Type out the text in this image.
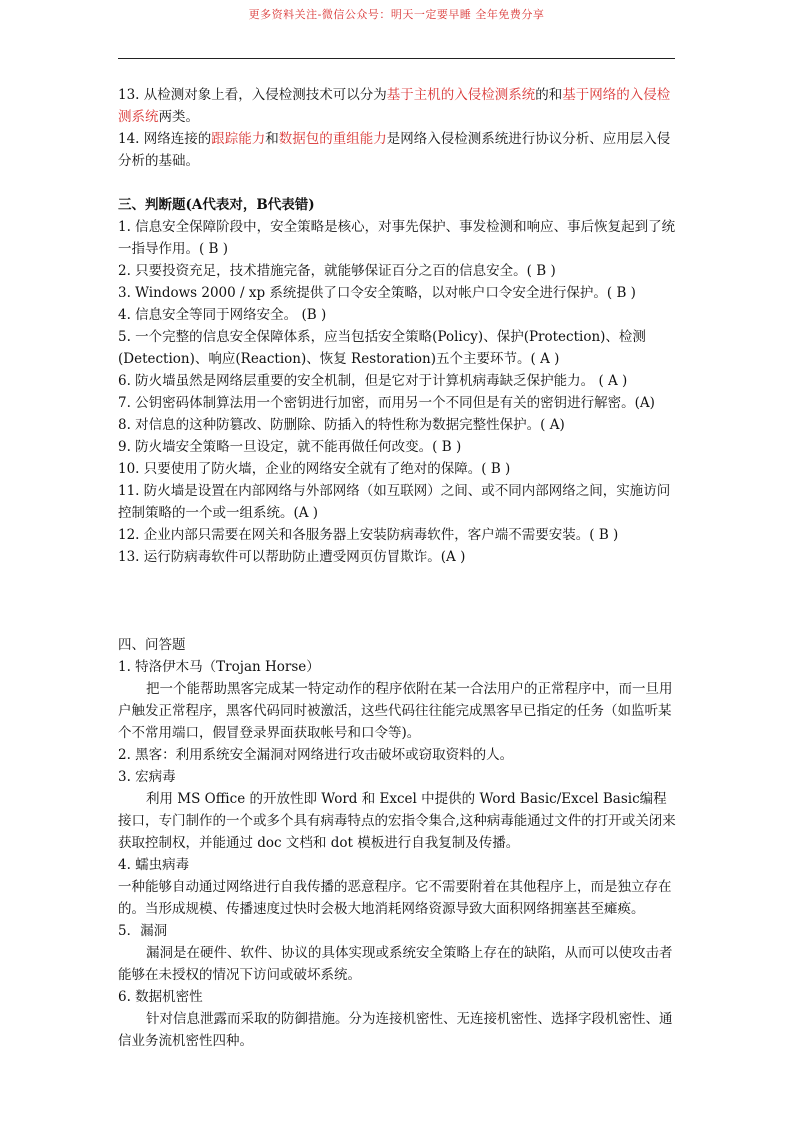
更多资料关注-微信公众号：明天一定要早睡 全年免费分享

13. 从检测对象上看，入侵检测技术可以分为基于主机的入侵检测系统的和基于网络的入侵检测系统两类。

14. 网络连接的跟踪能力和数据包的重组能力是网络入侵检测系统进行协议分析、应用层入侵分析的基础。

三、判断题(A代表对，B代表错)

1. 信息安全保障阶段中，安全策略是核心，对事先保护、事发检测和响应、事后恢复起到了统一指导作用。( B )

2. 只要投资充足，技术措施完备，就能够保证百分之百的信息安全。( B )

3. Windows 2000 / xp 系统提供了口令安全策略，以对帐户口令安全进行保护。( B )

4. 信息安全等同于网络安全。 (B )

5. 一个完整的信息安全保障体系，应当包括安全策略(Policy)、保护(Protection)、检测(Detection)、响应(Reaction)、恢复 Restoration)五个主要环节。( A )

6. 防火墙虽然是网络层重要的安全机制，但是它对于计算机病毒缺乏保护能力。 ( A )

7. 公钥密码体制算法用一个密钥进行加密，而用另一个不同但是有关的密钥进行解密。(A)

8. 对信息的这种防篡改、防删除、防插入的特性称为数据完整性保护。( A)

9. 防火墙安全策略一旦设定，就不能再做任何改变。( B )

10. 只要使用了防火墙，企业的网络安全就有了绝对的保障。( B )

11. 防火墙是设置在内部网络与外部网络（如互联网）之间、或不同内部网络之间，实施访问控制策略的一个或一组系统。(A )

12. 企业内部只需要在网关和各服务器上安装防病毒软件，客户端不需要安装。( B )

13. 运行防病毒软件可以帮助防止遭受网页仿冒欺诈。(A )

四、问答题

1. 特洛伊木马（Trojan Horse）

把一个能帮助黑客完成某一特定动作的程序依附在某一合法用户的正常程序中，而一旦用户触发正常程序，黑客代码同时被激活，这些代码往往能完成黑客早已指定的任务（如监听某个不常用端口，假冒登录界面获取帐号和口令等)。

2. 黑客：利用系统安全漏洞对网络进行攻击破坏或窃取资料的人。

3. 宏病毒

利用 MS Office 的开放性即 Word 和 Excel 中提供的 Word Basic/Excel Basic编程接口，专门制作的一个或多个具有病毒特点的宏指令集合,这种病毒能通过文件的打开或关闭来获取控制权，并能通过 doc 文档和 dot 模板进行自我复制及传播。

4. 蠕虫病毒

一种能够自动通过网络进行自我传播的恶意程序。它不需要附着在其他程序上，而是独立存在的。当形成规模、传播速度过快时会极大地消耗网络资源导致大面积网络拥塞甚至瘫痪。

5．漏洞

漏洞是在硬件、软件、协议的具体实现或系统安全策略上存在的缺陷，从而可以使攻击者能够在未授权的情况下访问或破坏系统。

6. 数据机密性

针对信息泄露而采取的防御措施。分为连接机密性、无连接机密性、选择字段机密性、通信业务流机密性四种。
